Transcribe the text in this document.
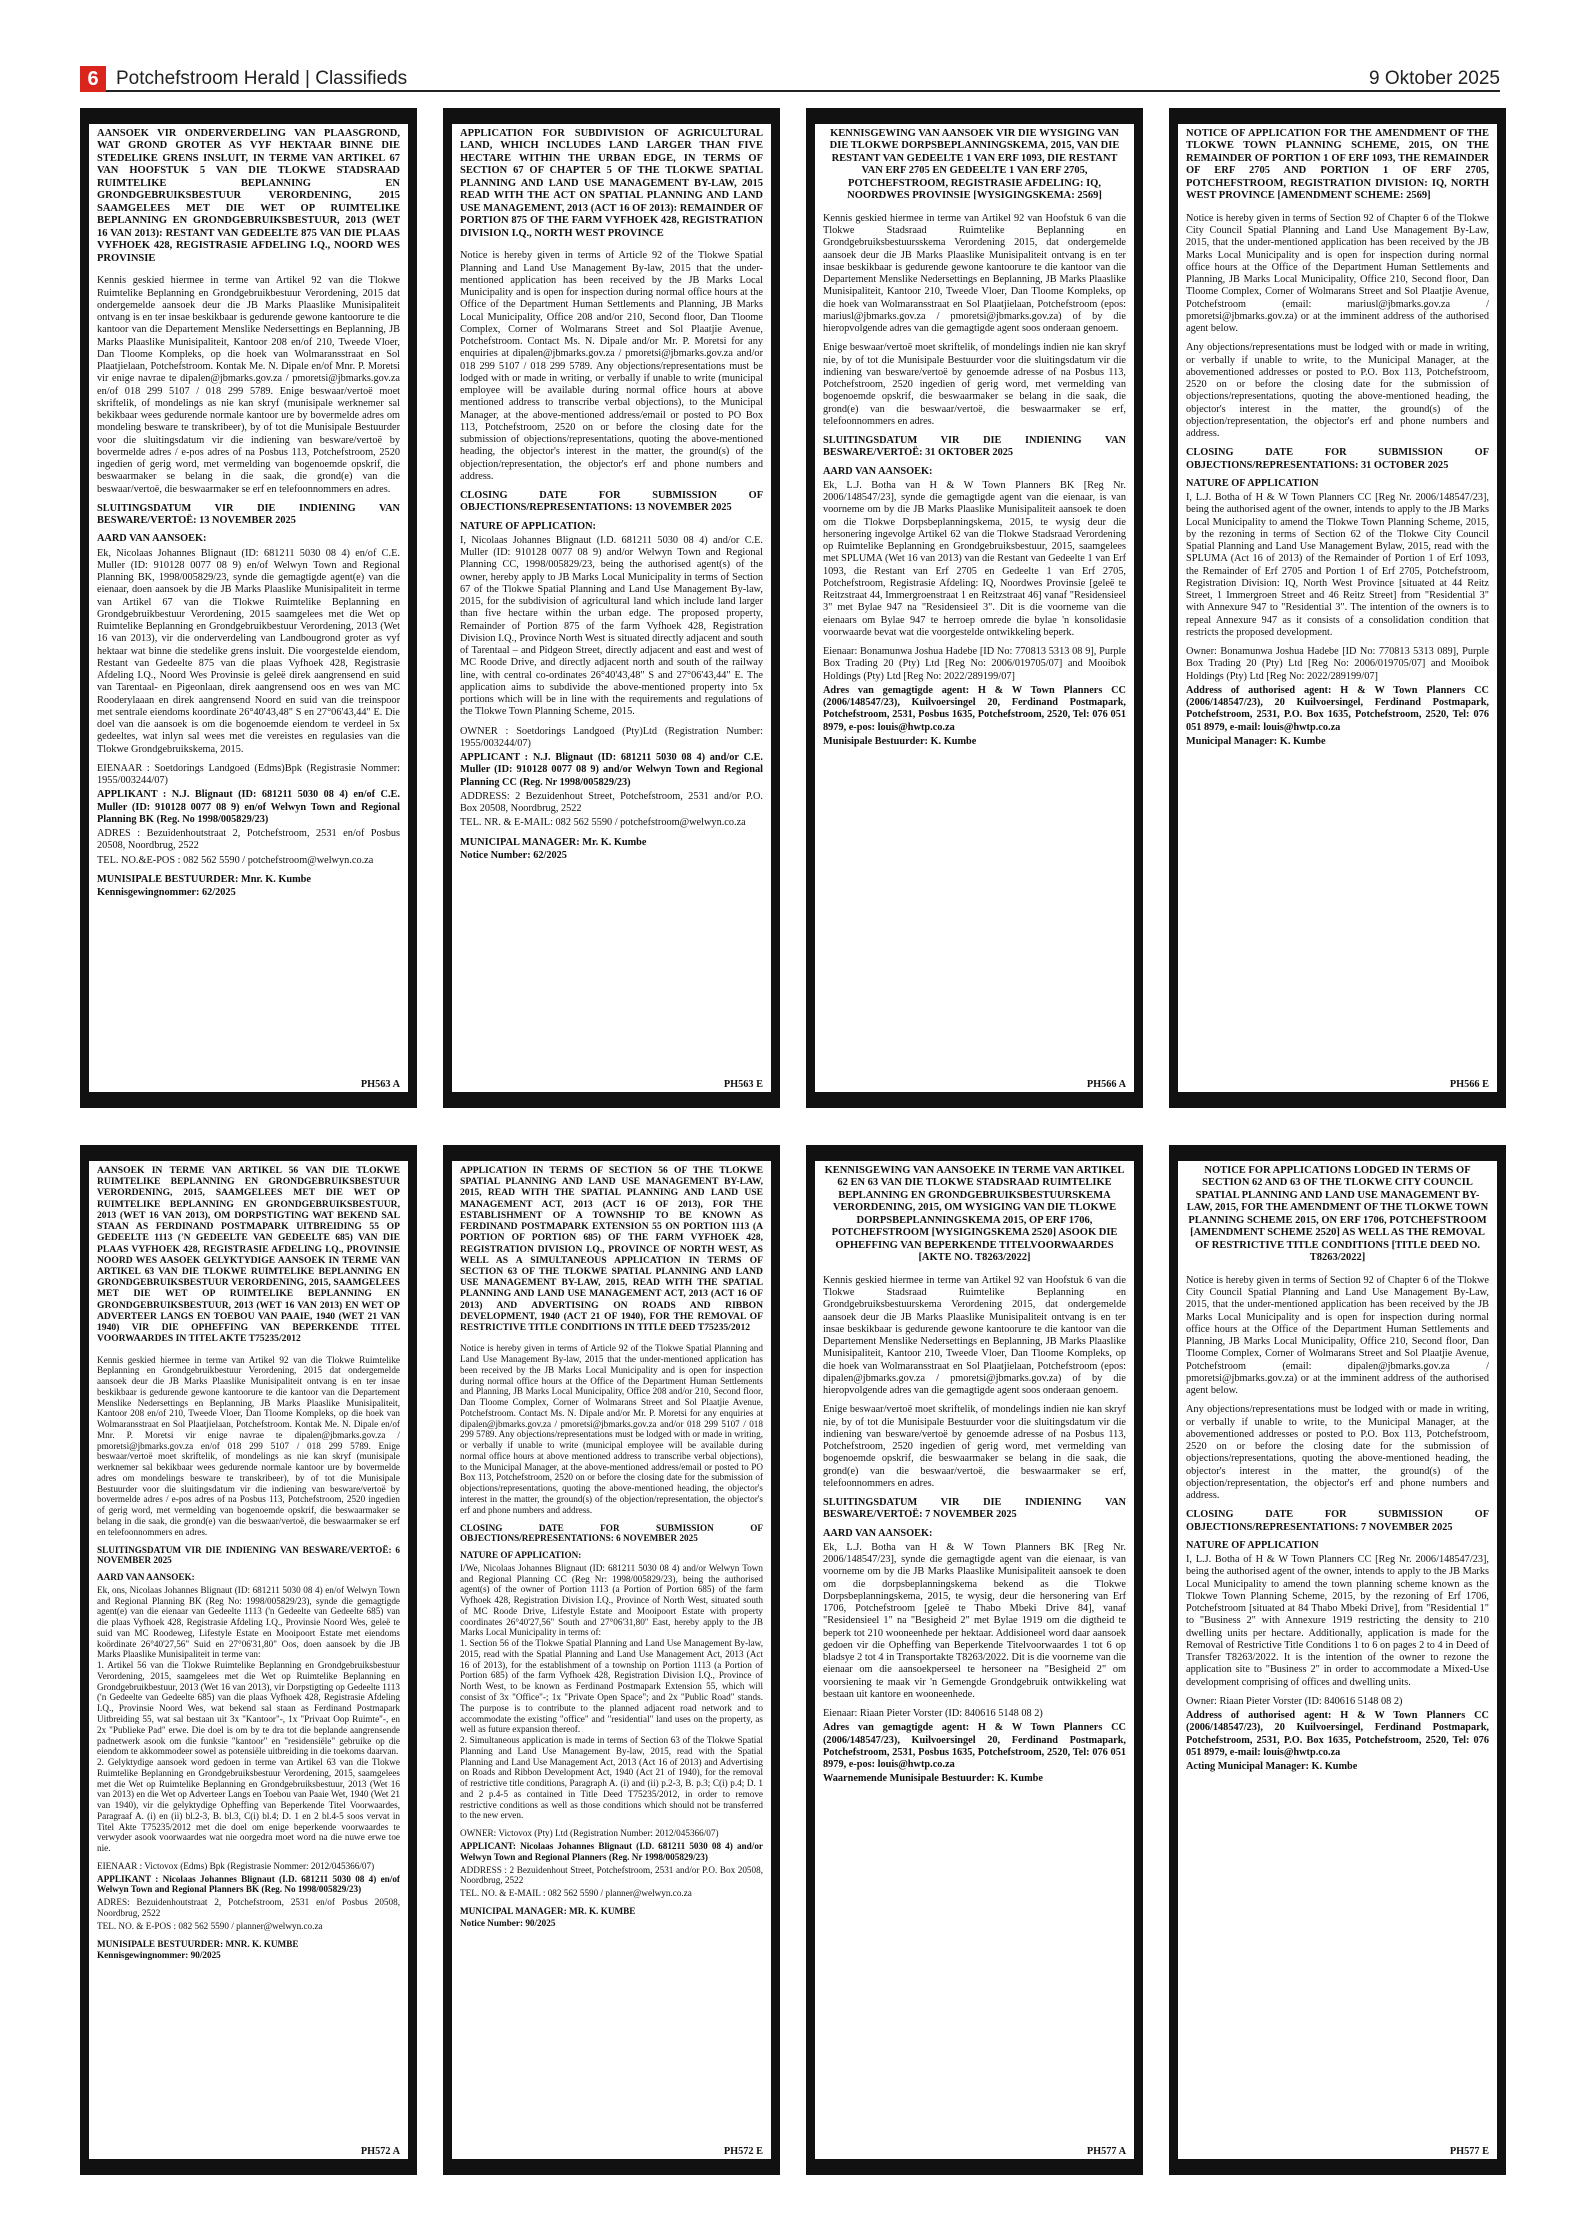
6 Potchefstroom Herald | Classifieds	9 Oktober 2025
KENNISGEWINGS • NOTICES

AANSOEK VIR ONDERVERDELING VAN PLAASGROND, WAT GROND GROTER AS VYF HEKTAAR BINNE DIE STEDELIKE GRENS INSLUIT, IN TERME VAN ARTIKEL 67 VAN HOOFSTUK 5 VAN DIE TLOKWE STADSRAAD RUIMTELIKE BEPLANNING EN GRONDGEBRUIKSBESTUUR VERORDENING, 2015 SAAMGELEES MET DIE WET OP RUIMTELIKE BEPLANNING EN GRONDGEBRUIKSBESTUUR, 2013 (WET 16 VAN 2013): RESTANT VAN GEDEELTE 875 VAN DIE PLAAS VYFHOEK 428, REGISTRASIE AFDELING I.Q., NOORD WES PROVINSIE

Kennis geskied hiermee in terme van Artikel 92 van die Tlokwe Ruimtelike Beplanning en Grondgebruikbestuur Verordening, 2015 dat ondergemelde aansoek deur die JB Marks Plaaslike Munisipaliteit ontvang is en ter insae beskikbaar is gedurende gewone kantoorure te die kantoor van die Departement Menslike Nedersettings en Beplanning, JB Marks Plaaslike Munisipaliteit, Kantoor 208 en/of 210, Tweede Vloer, Dan Tloome Kompleks, op die hoek van Wolmaransstraat en Sol Plaatjielaan, Potchefstroom. Kontak Me. N. Dipale en/of Mnr. P. Moretsi vir enige navrae te dipalen@jbmarks.gov.za / pmoretsi@jbmarks.gov.za en/of 018 299 5107 / 018 299 5789. Enige beswaar/vertoë moet skriftelik, of mondelings as nie kan skryf (munisipale werknemer sal bekikbaar wees gedurende normale kantoor ure by bovermelde adres om mondeling besware te transkribeer), by of tot die Munisipale Bestuurder voor die sluitingsdatum vir die indiening van besware/vertoë by bovermelde adres / e-pos adres of na Posbus 113, Potchefstroom, 2520 ingedien of gerig word, met vermelding van bogenoemde opskrif, die beswaarmaker se belang in die saak, die grond(e) van die beswaar/vertoë, die beswaarmaker se erf en telefoonnommers en adres.

SLUITINGSDATUM VIR DIE INDIENING VAN BESWARE/VERTOË: 13 NOVEMBER 2025

AARD VAN AANSOEK:

Ek, Nicolaas Johannes Blignaut (ID: 681211 5030 08 4) en/of C.E. Muller (ID: 910128 0077 08 9) en/of Welwyn Town and Regional Planning BK, 1998/005829/23, synde die gemagtigde agent(e) van die eienaar, doen aansoek by die JB Marks Plaaslike Munisipaliteit in terme van Artikel 67 van die Tlokwe Ruimtelike Beplanning en Grondgebruikbestuur Verordening, 2015 saamgelees met die Wet op Ruimtelike Beplanning en Grondgebruikbestuur Verordening, 2013 (Wet 16 van 2013), vir die onderverdeling van Landbougrond groter as vyf hektaar wat binne die stedelike grens insluit. Die voorgestelde eiendom, Restant van Gedeelte 875 van die plaas Vyfhoek 428, Registrasie Afdeling I.Q., Noord Wes Provinsie is geleë direk aangrensend en suid van Tarentaal- en Pigeonlaan, direk aangrensend oos en wes van MC Rooderylaaan en direk aangrensend Noord en suid van die treinspoor met sentrale eiendoms koordinate 26°40'43,48" S en 27°06'43,44" E. Die doel van die aansoek is om die bogenoemde eiendom te verdeel in 5x gedeeltes, wat inlyn sal wees met die vereistes en regulasies van die Tlokwe Grondgebruikskema, 2015.

EIENAAR : Soetdorings Landgoed (Edms)Bpk (Registrasie Nommer: 1955/003244/07)

APPLIKANT : N.J. Blignaut (ID: 681211 5030 08 4) en/of C.E. Muller (ID: 910128 0077 08 9) en/of Welwyn Town and Regional Planning BK (Reg. No 1998/005829/23)

ADRES : Bezuidenhoutstraat 2, Potchefstroom, 2531 en/of Posbus 20508, Noordbrug, 2522

TEL. NO.&E-POS : 082 562 5590 / potchefstroom@welwyn.co.za

MUNISIPALE BESTUURDER: Mnr. K. Kumbe

Kennisgewingnommer: 62/2025

PH563 A
KENNISGEWINGS • NOTICES
KENNISGEWINGS • NOTICES

APPLICATION FOR SUBDIVISION OF AGRICULTURAL LAND, WHICH INCLUDES LAND LARGER THAN FIVE HECTARE WITHIN THE URBAN EDGE, IN TERMS OF SECTION 67 OF CHAPTER 5 OF THE TLOKWE SPATIAL PLANNING AND LAND USE MANAGEMENT BY-LAW, 2015 READ WITH THE ACT ON SPATIAL PLANNING AND LAND USE MANAGEMENT, 2013 (ACT 16 OF 2013): REMAINDER OF PORTION 875 OF THE FARM VYFHOEK 428, REGISTRATION DIVISION I.Q., NORTH WEST PROVINCE

Notice is hereby given in terms of Article 92 of the Tlokwe Spatial Planning and Land Use Management By-law, 2015 that the under-mentioned application has been received by the JB Marks Local Municipality and is open for inspection during normal office hours at the Office of the Department Human Settlements and Planning, JB Marks Local Municipality, Office 208 and/or 210, Second floor, Dan Tloome Complex, Corner of Wolmarans Street and Sol Plaatjie Avenue, Potchefstroom. Contact Ms. N. Dipale and/or Mr. P. Moretsi for any enquiries at dipalen@jbmarks.gov.za / pmoretsi@jbmarks.gov.za and/or 018 299 5107 / 018 299 5789. Any objections/representations must be lodged with or made in writing, or verbally if unable to write (municipal employee will be available during normal office hours at above mentioned address to transcribe verbal objections), to the Municipal Manager, at the above-mentioned address/email or posted to PO Box 113, Potchefstroom, 2520 on or before the closing date for the submission of objections/representations, quoting the above-mentioned heading, the objector's interest in the matter, the ground(s) of the objection/representation, the objector's erf and phone numbers and address.

CLOSING DATE FOR SUBMISSION OF OBJECTIONS/REPRESENTATIONS: 13 NOVEMBER 2025

NATURE OF APPLICATION:

I, Nicolaas Johannes Blignaut (I.D. 681211 5030 08 4) and/or C.E. Muller (ID: 910128 0077 08 9) and/or Welwyn Town and Regional Planning CC, 1998/005829/23, being the authorised agent(s) of the owner, hereby apply to JB Marks Local Municipality in terms of Section 67 of the Tlokwe Spatial Planning and Land Use Management By-law, 2015, for the subdivision of agricultural land which include land larger than five hectare within the urban edge. The proposed property, Remainder of Portion 875 of the farm Vyfhoek 428, Registration Division I.Q., Province North West is situated directly adjacent and south of Tarentaal – and Pidgeon Street, directly adjacent and east and west of MC Roode Drive, and directly adjacent north and south of the railway line, with central co-ordinates 26°40'43,48" S and 27°06'43,44" E. The application aims to subdivide the above-mentioned property into 5x portions which will be in line with the requirements and regulations of the Tlokwe Town Planning Scheme, 2015.

OWNER : Soetdorings Landgoed (Pty)Ltd (Registration Number: 1955/003244/07)

APPLICANT : N.J. Blignaut (ID: 681211 5030 08 4) and/or C.E. Muller (ID: 910128 0077 08 9) and/or Welwyn Town and Regional Planning CC (Reg. Nr 1998/005829/23)

ADDRESS: 2 Bezuidenhout Street, Potchefstroom, 2531 and/or P.O. Box 20508, Noordbrug, 2522

TEL. NR. & E-MAIL: 082 562 5590 / potchefstroom@welwyn.co.za

MUNICIPAL MANAGER: Mr. K. Kumbe

Notice Number: 62/2025

PH563 E
KENNISGEWINGS • NOTICES
KENNISGEWINGS • NOTICES

KENNISGEWING VAN AANSOEK VIR DIE WYSIGING VAN DIE TLOKWE DORPSBEPLANNINGSKEMA, 2015, VAN DIE RESTANT VAN GEDEELTE 1 VAN ERF 1093, DIE RESTANT VAN ERF 2705 EN GEDEELTE 1 VAN ERF 2705, POTCHEFSTROOM, REGISTRASIE AFDELING: IQ, NOORDWES PROVINSIE [WYSIGINGSKEMA: 2569]

Kennis geskied hiermee in terme van Artikel 92 van Hoofstuk 6 van die Tlokwe Stadsraad Ruimtelike Beplanning en Grondgebruiksbestuursskema Verordening 2015, dat ondergemelde aansoek deur die JB Marks Plaaslike Munisipaliteit ontvang is en ter insae beskikbaar is gedurende gewone kantoorure te die kantoor van die Departement Menslike Nedersettings en Beplanning, JB Marks Plaaslike Munisipaliteit, Kantoor 210, Tweede Vloer, Dan Tloome Kompleks, op die hoek van Wolmaransstraat en Sol Plaatjielaan, Potchefstroom (epos: mariusl@jbmarks.gov.za / pmoretsi@jbmarks.gov.za) of by die hieropvolgende adres van die gemagtigde agent soos onderaan genoem.

Enige beswaar/vertoë moet skriftelik, of mondelings indien nie kan skryf nie, by of tot die Munisipale Bestuurder voor die sluitingsdatum vir die indiening van besware/vertoë by genoemde adresse of na Posbus 113, Potchefstroom, 2520 ingedien of gerig word, met vermelding van bogenoemde opskrif, die beswaarmaker se belang in die saak, die grond(e) van die beswaar/vertoë, die beswaarmaker se erf, telefoonnommers en adres.

SLUITINGSDATUM VIR DIE INDIENING VAN BESWARE/VERTOË: 31 OKTOBER 2025

AARD VAN AANSOEK:

Ek, L.J. Botha van H & W Town Planners BK [Reg Nr. 2006/148547/23], synde die gemagtigde agent van die eienaar, is van voorneme om by die JB Marks Plaaslike Munisipaliteit aansoek te doen om die Tlokwe Dorpsbeplanningskema, 2015, te wysig deur die hersonering ingevolge Artikel 62 van die Tlokwe Stadsraad Verordening op Ruimtelike Beplanning en Grondgebruiksbestuur, 2015, saamgelees met SPLUMA (Wet 16 van 2013) van die Restant van Gedeelte 1 van Erf 1093, die Restant van Erf 2705 en Gedeelte 1 van Erf 2705, Potchefstroom, Registrasie Afdeling: IQ, Noordwes Provinsie [geleë te Reitzstraat 44, Immergroenstraat 1 en Reitzstraat 46] vanaf "Residensieel 3" met Bylae 947 na "Residensieel 3". Dit is die voorneme van die eienaars om Bylae 947 te herroep omrede die bylae 'n konsolidasie voorwaarde bevat wat die voorgestelde ontwikkeling beperk.

Eienaar: Bonamunwa Joshua Hadebe [ID No: 770813 5313 08 9], Purple Box Trading 20 (Pty) Ltd [Reg No: 2006/019705/07] and Mooibok Holdings (Pty) Ltd [Reg No: 2022/289199/07]

Adres van gemagtigde agent: H & W Town Planners CC (2006/148547/23), Kuilvoersingel 20, Ferdinand Postmapark, Potchefstroom, 2531, Posbus 1635, Potchefstroom, 2520, Tel: 076 051 8979, e-pos: louis@hwtp.co.za

Munisipale Bestuurder: K. Kumbe

PH566 A
KENNISGEWINGS • NOTICES
KENNISGEWINGS • NOTICES

NOTICE OF APPLICATION FOR THE AMENDMENT OF THE TLOKWE TOWN PLANNING SCHEME, 2015, ON THE REMAINDER OF PORTION 1 OF ERF 1093, THE REMAINDER OF ERF 2705 AND PORTION 1 OF ERF 2705, POTCHEFSTROOM, REGISTRATION DIVISION: IQ, NORTH WEST PROVINCE [AMENDMENT SCHEME: 2569]

Notice is hereby given in terms of Section 92 of Chapter 6 of the Tlokwe City Council Spatial Planning and Land Use Management By-Law, 2015, that the under-mentioned application has been received by the JB Marks Local Municipality and is open for inspection during normal office hours at the Office of the Department Human Settlements and Planning, JB Marks Local Municipality, Office 210, Second floor, Dan Tloome Complex, Corner of Wolmarans Street and Sol Plaatjie Avenue, Potchefstroom (email: mariusl@jbmarks.gov.za / pmoretsi@jbmarks.gov.za) or at the imminent address of the authorised agent below.

Any objections/representations must be lodged with or made in writing, or verbally if unable to write, to the Municipal Manager, at the abovementioned addresses or posted to P.O. Box 113, Potchefstroom, 2520 on or before the closing date for the submission of objections/representations, quoting the above-mentioned heading, the objector's interest in the matter, the ground(s) of the objection/representation, the objector's erf and phone numbers and address.

CLOSING DATE FOR SUBMISSION OF OBJECTIONS/REPRESENTATIONS: 31 OCTOBER 2025

NATURE OF APPLICATION

I, L.J. Botha of H & W Town Planners CC [Reg Nr. 2006/148547/23], being the authorised agent of the owner, intends to apply to the JB Marks Local Municipality to amend the Tlokwe Town Planning Scheme, 2015, by the rezoning in terms of Section 62 of the Tlokwe City Council Spatial Planning and Land Use Management Bylaw, 2015, read with the SPLUMA (Act 16 of 2013) of the Remainder of Portion 1 of Erf 1093, the Remainder of Erf 2705 and Portion 1 of Erf 2705, Potchefstroom, Registration Division: IQ, North West Province [situated at 44 Reitz Street, 1 Immergroen Street and 46 Reitz Street] from "Residential 3" with Annexure 947 to "Residential 3". The intention of the owners is to repeal Annexure 947 as it consists of a consolidation condition that restricts the proposed development.

Owner: Bonamunwa Joshua Hadebe [ID No: 770813 5313 089], Purple Box Trading 20 (Pty) Ltd [Reg No: 2006/019705/07] and Mooibok Holdings (Pty) Ltd [Reg No: 2022/289199/07]

Address of authorised agent: H & W Town Planners CC (2006/148547/23), 20 Kuilvoersingel, Ferdinand Postmapark, Potchefstroom, 2531, P.O. Box 1635, Potchefstroom, 2520, Tel: 076 051 8979, e-mail: louis@hwtp.co.za

Municipal Manager: K. Kumbe

PH566 E
KENNISGEWINGS • NOTICES
KENNISGEWINGS • NOTICES

AANSOEK IN TERME VAN ARTIKEL 56 VAN DIE TLOKWE RUIMTELIKE BEPLANNING EN GRONDGEBRUIKSBESTUUR VERORDENING, 2015, SAAMGELEES MET DIE WET OP RUIMTELIKE BEPLANNING EN GRONDGEBRUIKSBESTUUR, 2013 (WET 16 VAN 2013), OM DORPSTIGTING WAT BEKEND SAL STAAN AS FERDINAND POSTMAPARK UITBREIDING 55 OP GEDEELTE 1113 ('N GEDEELTE VAN GEDEELTE 685) VAN DIE PLAAS VYFHOEK 428, REGISTRASIE AFDELING I.Q., PROVINSIE NOORD WES AASOEK GELYKTYDIGE AANSOEK IN TERME VAN ARTIKEL 63 VAN DIE TLOKWE RUIMTELIKE BEPLANNING EN GRONDGEBRUIKSBESTUUR VERORDENING, 2015, SAAMGELEES MET DIE WET OP RUIMTELIKE BEPLANNING EN GRONDGEBRUIKSBESTUUR, 2013 (WET 16 VAN 2013) EN WET OP ADVERTEER LANGS EN TOEBOU VAN PAAIE, 1940 (WET 21 VAN 1940) VIR DIE OPHEFFING VAN BEPERKENDE TITEL VOORWAARDES IN TITEL AKTE T75235/2012

Kennis geskied hiermee in terme van Artikel 92 van die Tlokwe Ruimtelike Beplanning en Grondgebruikbestuur Verordening, 2015 dat ondergemelde aansoek deur die JB Marks Plaaslike Munisipaliteit ontvang is en ter insae beskikbaar is gedurende gewone kantoorure te die kantoor van die Departement Menslike Nedersettings en Beplanning, JB Marks Plaaslike Munisipaliteit, Kantoor 208 en/of 210, Tweede Vloer, Dan Tloome Kompleks, op die hoek van Wolmaransstraat en Sol Plaatjielaan, Potchefstroom. Kontak Me. N. Dipale en/of Mnr. P. Moretsi vir enige navrae te dipalen@jbmarks.gov.za / pmoretsi@jbmarks.gov.za en/of 018 299 5107 / 018 299 5789. Enige beswaar/vertoë moet skriftelik, of mondelings as nie kan skryf (munisipale werknemer sal bekikbaar wees gedurende normale kantoor ure by bovermelde adres om mondelings besware te transkribeer), by of tot die Munisipale Bestuurder voor die sluitingsdatum vir die indiening van besware/vertoë by bovermelde adres / e-pos adres of na Posbus 113, Potchefstroom, 2520 ingedien of gerig word, met vermelding van bogenoemde opskrif, die beswaarmaker se belang in die saak, die grond(e) van die beswaar/vertoë, die beswaarmaker se erf en telefoonnommers en adres.

SLUITINGSDATUM VIR DIE INDIENING VAN BESWARE/VERTOË: 6 NOVEMBER 2025

AARD VAN AANSOEK:

Ek, ons, Nicolaas Johannes Blignaut (ID: 681211 5030 08 4) en/of Welwyn Town and Regional Planning BK (Reg No: 1998/005829/23), synde die gemagtigde agent(e) van die eienaar van Gedeelte 1113 ('n Gedeelte van Gedeelte 685) van die plaas Vyfhoek 428, Registrasie Afdeling I.Q., Provinsie Noord Wes, geleë te suid van MC Roodeweg, Lifestyle Estate en Mooipoort Estate met eiendoms koördinate 26°40'27,56" Suid en 27°06'31,80" Oos, doen aansoek by die JB Marks Plaaslike Munisipaliteit in terme van:
1. Artikel 56 van die Tlokwe Ruimtelike Beplanning en Grondgebruiksbestuur Verordening, 2015, saamgelees met die Wet op Ruimtelike Beplanning en Grondgebruikbestuur, 2013 (Wet 16 van 2013), vir Dorpstigting op Gedeelte 1113 ('n Gedeelte van Gedeelte 685) van die plaas Vyfhoek 428, Registrasie Afdeling I.Q., Provinsie Noord Wes, wat bekend sal staan as Ferdinand Postmapark Uitbreiding 55, wat sal bestaan uit 3x "Kantoor"-, 1x "Privaat Oop Ruimte"-, en 2x "Publieke Pad" erwe. Die doel is om by te dra tot die beplande aangrensende padnetwerk asook om die funksie "kantoor" en "residensiële" gebruike op die eiendom te akkommodeer sowel as potensiële uitbreiding in die toekoms daarvan.
2. Gelyktydige aansoek word gedoen in terme van Artikel 63 van die Tlokwe Ruimtelike Beplanning en Grondgebruiksbestuur Verordening, 2015, saamgelees met die Wet op Ruimtelike Beplanning en Grondgebruiksbestuur, 2013 (Wet 16 van 2013) en die Wet op Adverteer Langs en Toebou van Paaie Wet, 1940 (Wet 21 van 1940), vir die gelyktydige Opheffing van Beperkende Titel Voorwaardes, Paragraaf A. (i) en (ii) bl.2-3, B. bl.3, C(i) bl.4; D. 1 en 2 bl.4-5 soos vervat in Titel Akte T75235/2012 met die doel om enige beperkende voorwaardes te verwyder asook voorwaardes wat nie oorgedra moet word na die nuwe erwe toe nie.

EIENAAR : Victovox (Edms) Bpk (Registrasie Nommer: 2012/045366/07)

APPLIKANT : Nicolaas Johannes Blignaut (I.D. 681211 5030 08 4) en/of Welwyn Town and Regional Planners BK (Reg. No 1998/005829/23)

ADRES: Bezuidenhoutstraat 2, Potchefstroom, 2531 en/of Posbus 20508, Noordbrug, 2522

TEL. NO. & E-POS : 082 562 5590 / planner@welwyn.co.za

MUNISIPALE BESTUURDER: MNR. K. KUMBE

Kennisgewingnommer: 90/2025

PH572 A
KENNISGEWINGS • NOTICES
KENNISGEWINGS • NOTICES

APPLICATION IN TERMS OF SECTION 56 OF THE TLOKWE SPATIAL PLANNING AND LAND USE MANAGEMENT BY-LAW, 2015, READ WITH THE SPATIAL PLANNING AND LAND USE MANAGEMENT ACT, 2013 (ACT 16 OF 2013), FOR THE ESTABLISHMENT OF A TOWNSHIP TO BE KNOWN AS FERDINAND POSTMAPARK EXTENSION 55 ON PORTION 1113 (A PORTION OF PORTION 685) OF THE FARM VYFHOEK 428, REGISTRATION DIVISION I.Q., PROVINCE OF NORTH WEST, AS WELL AS A SIMULTANEOUS APPLICATION IN TERMS OF SECTION 63 OF THE TLOKWE SPATIAL PLANNING AND LAND USE MANAGEMENT BY-LAW, 2015, READ WITH THE SPATIAL PLANNING AND LAND USE MANAGEMENT ACT, 2013 (ACT 16 OF 2013) AND ADVERTISING ON ROADS AND RIBBON DEVELOPMENT, 1940 (ACT 21 OF 1940), FOR THE REMOVAL OF RESTRICTIVE TITLE CONDITIONS IN TITLE DEED T75235/2012

Notice is hereby given in terms of Article 92 of the Tlokwe Spatial Planning and Land Use Management By-law, 2015 that the under-mentioned application has been received by the JB Marks Local Municipality and is open for inspection during normal office hours at the Office of the Department Human Settlements and Planning, JB Marks Local Municipality, Office 208 and/or 210, Second floor, Dan Tloome Complex, Corner of Wolmarans Street and Sol Plaatjie Avenue, Potchefstroom. Contact Ms. N. Dipale and/or Mr. P. Moretsi for any enquiries at dipalen@jbmarks.gov.za / pmoretsi@jbmarks.gov.za and/or 018 299 5107 / 018 299 5789. Any objections/representations must be lodged with or made in writing, or verbally if unable to write (municipal employee will be available during normal office hours at above mentioned address to transcribe verbal objections), to the Municipal Manager, at the above-mentioned address/email or posted to PO Box 113, Potchefstroom, 2520 on or before the closing date for the submission of objections/representations, quoting the above-mentioned heading, the objector's interest in the matter, the ground(s) of the objection/representation, the objector's erf and phone numbers and address.

CLOSING DATE FOR SUBMISSION OF OBJECTIONS/REPRESENTATIONS: 6 NOVEMBER 2025

NATURE OF APPLICATION:

I/We, Nicolaas Johannes Blignaut (ID: 681211 5030 08 4) and/or Welwyn Town and Regional Planning CC (Reg Nr: 1998/005829/23), being the authorised agent(s) of the owner of Portion 1113 (a Portion of Portion 685) of the farm Vyfhoek 428, Registration Division I.Q., Province of North West, situated south of MC Roode Drive, Lifestyle Estate and Mooipoort Estate with property coordinates 26°40'27,56" South and 27°06'31,80" East, hereby apply to the JB Marks Local Municipality in terms of:
1. Section 56 of the Tlokwe Spatial Planning and Land Use Management By-law, 2015, read with the Spatial Planning and Land Use Management Act, 2013 (Act 16 of 2013), for the establishment of a township on Portion 1113 (a Portion of Portion 685) of the farm Vyfhoek 428, Registration Division I.Q., Province of North West, to be known as Ferdinand Postmapark Extension 55, which will consist of 3x "Office"-; 1x "Private Open Space"; and 2x "Public Road" stands. The purpose is to contribute to the planned adjacent road network and to accommodate the existing "office" and "residential" land uses on the property, as well as future expansion thereof.
2. Simultaneous application is made in terms of Section 63 of the Tlokwe Spatial Planning and Land Use Management By-law, 2015, read with the Spatial Planning and Land Use Management Act, 2013 (Act 16 of 2013) and Advertising on Roads and Ribbon Development Act, 1940 (Act 21 of 1940), for the removal of restrictive title conditions, Paragraph A. (i) and (ii) p.2-3, B. p.3; C(i) p.4; D. 1 and 2 p.4-5 as contained in Title Deed T75235/2012, in order to remove restrictive conditions as well as those conditions which should not be transferred to the new erven.

OWNER: Victovox (Pty) Ltd (Registration Number: 2012/045366/07)

APPLICANT: Nicolaas Johannes Blignaut (I.D. 681211 5030 08 4) and/or Welwyn Town and Regional Planners (Reg. Nr 1998/005829/23)

ADDRESS : 2 Bezuidenhout Street, Potchefstroom, 2531 and/or P.O. Box 20508, Noordbrug, 2522

TEL. NO. & E-MAIL : 082 562 5590 / planner@welwyn.co.za

MUNICIPAL MANAGER: MR. K. KUMBE

Notice Number: 90/2025

PH572 E
KENNISGEWINGS • NOTICES
KENNISGEWINGS • NOTICES

KENNISGEWING VAN AANSOEKE IN TERME VAN ARTIKEL 62 EN 63 VAN DIE TLOKWE STADSRAAD RUIMTELIKE BEPLANNING EN GRONDGEBRUIKSBESTUURSKEMA VERORDENING, 2015, OM WYSIGING VAN DIE TLOKWE DORPSBEPLANNINGSKEMA 2015, OP ERF 1706, POTCHEFSTROOM [WYSIGINGSKEMA 2520] ASOOK DIE OPHEFFING VAN BEPERKENDE TITELVOORWAARDES [AKTE NO. T8263/2022]

Kennis geskied hiermee in terme van Artikel 92 van Hoofstuk 6 van die Tlokwe Stadsraad Ruimtelike Beplanning en Grondgebruiksbestuurskema Verordening 2015, dat ondergemelde aansoek deur die JB Marks Plaaslike Munisipaliteit ontvang is en ter insae beskikbaar is gedurende gewone kantoorure te die kantoor van die Departement Menslike Nedersettings en Beplanning, JB Marks Plaaslike Munisipaliteit, Kantoor 210, Tweede Vloer, Dan Tloome Kompleks, op die hoek van Wolmaransstraat en Sol Plaatjielaan, Potchefstroom (epos: dipalen@jbmarks.gov.za / pmoretsi@jbmarks.gov.za) of by die hieropvolgende adres van die gemagtigde agent soos onderaan genoem.

Enige beswaar/vertoë moet skriftelik, of mondelings indien nie kan skryf nie, by of tot die Munisipale Bestuurder voor die sluitingsdatum vir die indiening van besware/vertoë by genoemde adresse of na Posbus 113, Potchefstroom, 2520 ingedien of gerig word, met vermelding van bogenoemde opskrif, die beswaarmaker se belang in die saak, die grond(e) van die beswaar/vertoë, die beswaarmaker se erf, telefoonnommers en adres.

SLUITINGSDATUM VIR DIE INDIENING VAN BESWARE/VERTOË: 7 NOVEMBER 2025

AARD VAN AANSOEK:

Ek, L.J. Botha van H & W Town Planners BK [Reg Nr. 2006/148547/23], synde die gemagtigde agent van die eienaar, is van voorneme om by die JB Marks Plaaslike Munisipaliteit aansoek te doen om die dorpsbeplanningskema bekend as die Tlokwe Dorpsbeplanningskema, 2015, te wysig, deur die hersonering van Erf 1706, Potchefstroom [geleë te Thabo Mbeki Drive 84], vanaf "Residensieel 1" na "Besigheid 2" met Bylae 1919 om die digtheid te beperk tot 210 wooneenhede per hektaar. Addisioneel word daar aansoek gedoen vir die Opheffing van Beperkende Titelvoorwaardes 1 tot 6 op bladsye 2 tot 4 in Transportakte T8263/2022. Dit is die voorneme van die eienaar om die aansoekperseel te hersoneer na "Besigheid 2" om voorsiening te maak vir 'n Gemengde Grondgebruik ontwikkeling wat bestaan uit kantore en wooneenhede.

Eienaar: Riaan Pieter Vorster (ID: 840616 5148 08 2)

Adres van gemagtigde agent: H & W Town Planners CC (2006/148547/23), Kuilvoersingel 20, Ferdinand Postmapark, Potchefstroom, 2531, Posbus 1635, Potchefstroom, 2520, Tel: 076 051 8979, e-pos: louis@hwtp.co.za

Waarnemende Munisipale Bestuurder: K. Kumbe

PH577 A
KENNISGEWINGS • NOTICES
KENNISGEWINGS • NOTICES

NOTICE FOR APPLICATIONS LODGED IN TERMS OF SECTION 62 AND 63 OF THE TLOKWE CITY COUNCIL SPATIAL PLANNING AND LAND USE MANAGEMENT BY-LAW, 2015, FOR THE AMENDMENT OF THE TLOKWE TOWN PLANNING SCHEME 2015, ON ERF 1706, POTCHEFSTROOM [AMENDMENT SCHEME 2520] AS WELL AS THE REMOVAL OF RESTRICTIVE TITLE CONDITIONS [TITLE DEED NO. T8263/2022]

Notice is hereby given in terms of Section 92 of Chapter 6 of the Tlokwe City Council Spatial Planning and Land Use Management By-Law, 2015, that the under-mentioned application has been received by the JB Marks Local Municipality and is open for inspection during normal office hours at the Office of the Department Human Settlements and Planning, JB Marks Local Municipality, Office 210, Second floor, Dan Tloome Complex, Corner of Wolmarans Street and Sol Plaatjie Avenue, Potchefstroom (email: dipalen@jbmarks.gov.za / pmoretsi@jbmarks.gov.za) or at the imminent address of the authorised agent below.

Any objections/representations must be lodged with or made in writing, or verbally if unable to write, to the Municipal Manager, at the abovementioned addresses or posted to P.O. Box 113, Potchefstroom, 2520 on or before the closing date for the submission of objections/representations, quoting the above-mentioned heading, the objector's interest in the matter, the ground(s) of the objection/representation, the objector's erf and phone numbers and address.

CLOSING DATE FOR SUBMISSION OF OBJECTIONS/REPRESENTATIONS: 7 NOVEMBER 2025

NATURE OF APPLICATION

I, L.J. Botha of H & W Town Planners CC [Reg Nr. 2006/148547/23], being the authorised agent of the owner, intends to apply to the JB Marks Local Municipality to amend the town planning scheme known as the Tlokwe Town Planning Scheme, 2015, by the rezoning of Erf 1706, Potchefstroom [situated at 84 Thabo Mbeki Drive], from "Residential 1" to "Business 2" with Annexure 1919 restricting the density to 210 dwelling units per hectare. Additionally, application is made for the Removal of Restrictive Title Conditions 1 to 6 on pages 2 to 4 in Deed of Transfer T8263/2022. It is the intention of the owner to rezone the application site to "Business 2" in order to accommodate a Mixed-Use development comprising of offices and dwelling units.

Owner: Riaan Pieter Vorster (ID: 840616 5148 08 2)

Address of authorised agent: H & W Town Planners CC (2006/148547/23), 20 Kuilvoersingel, Ferdinand Postmapark, Potchefstroom, 2531, P.O. Box 1635, Potchefstroom, 2520, Tel: 076 051 8979, e-mail: louis@hwtp.co.za

Acting Municipal Manager: K. Kumbe

PH577 E
KENNISGEWINGS • NOTICES
